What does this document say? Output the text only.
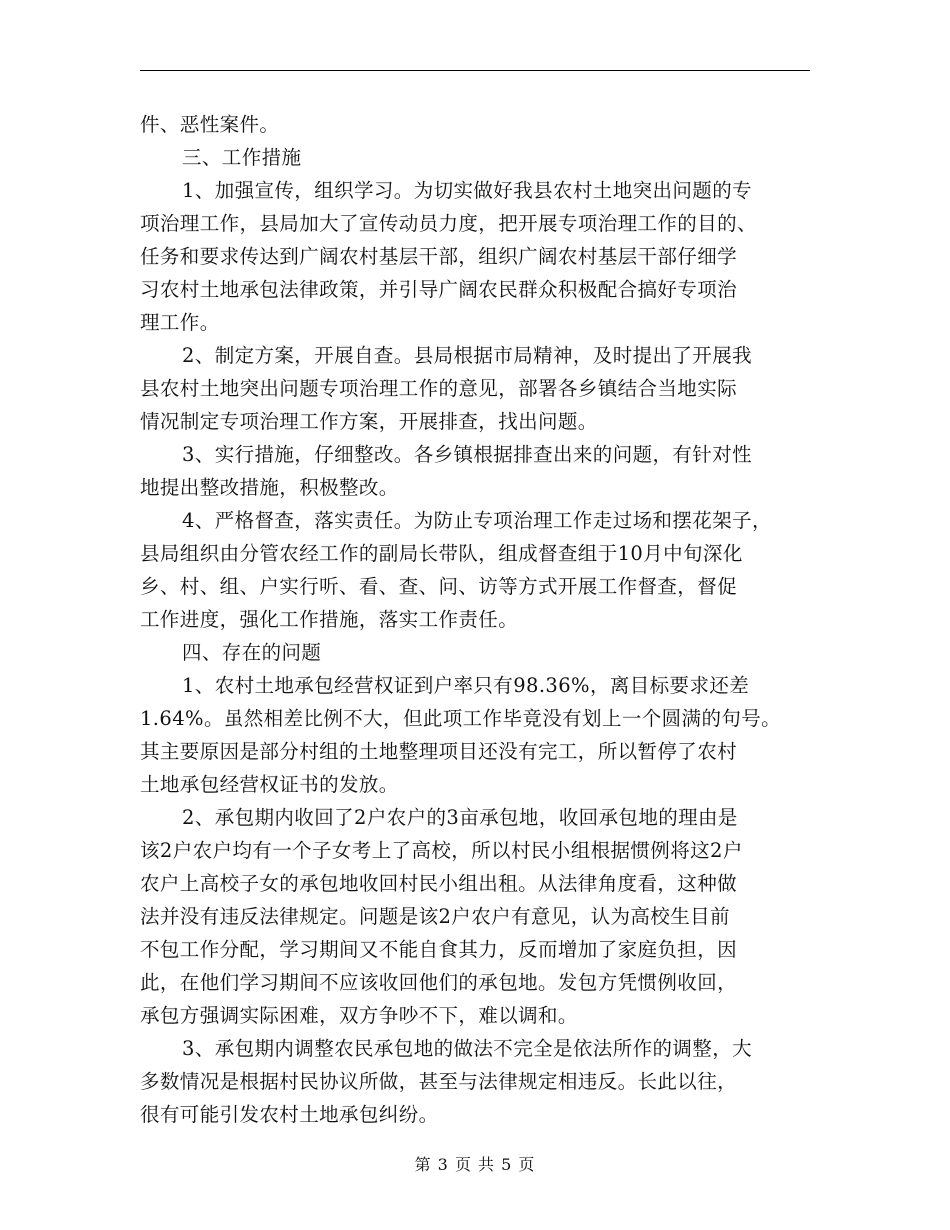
件、恶性案件。
三、工作措施
1、加强宣传，组织学习。为切实做好我县农村土地突出问题的专
项治理工作，县局加大了宣传动员力度，把开展专项治理工作的目的、
任务和要求传达到广阔农村基层干部，组织广阔农村基层干部仔细学
习农村土地承包法律政策，并引导广阔农民群众积极配合搞好专项治
理工作。
2、制定方案，开展自查。县局根据市局精神，及时提出了开展我
县农村土地突出问题专项治理工作的意见，部署各乡镇结合当地实际
情况制定专项治理工作方案，开展排查，找出问题。
3、实行措施，仔细整改。各乡镇根据排查出来的问题，有针对性
地提出整改措施，积极整改。
4、严格督查，落实责任。为防止专项治理工作走过场和摆花架子，
县局组织由分管农经工作的副局长带队，组成督查组于10月中旬深化
乡、村、组、户实行听、看、查、问、访等方式开展工作督查，督促
工作进度，强化工作措施，落实工作责任。
四、存在的问题
1、农村土地承包经营权证到户率只有98.36%，离目标要求还差
1.64%。虽然相差比例不大，但此项工作毕竟没有划上一个圆满的句号。
其主要原因是部分村组的土地整理项目还没有完工，所以暂停了农村
土地承包经营权证书的发放。
2、承包期内收回了2户农户的3亩承包地，收回承包地的理由是
该2户农户均有一个子女考上了高校，所以村民小组根据惯例将这2户
农户上高校子女的承包地收回村民小组出租。从法律角度看，这种做
法并没有违反法律规定。问题是该2户农户有意见，认为高校生目前
不包工作分配，学习期间又不能自食其力，反而增加了家庭负担，因
此，在他们学习期间不应该收回他们的承包地。发包方凭惯例收回，
承包方强调实际困难，双方争吵不下，难以调和。
3、承包期内调整农民承包地的做法不完全是依法所作的调整，大
多数情况是根据村民协议所做，甚至与法律规定相违反。长此以往，
很有可能引发农村土地承包纠纷。
第 3 页 共 5 页
